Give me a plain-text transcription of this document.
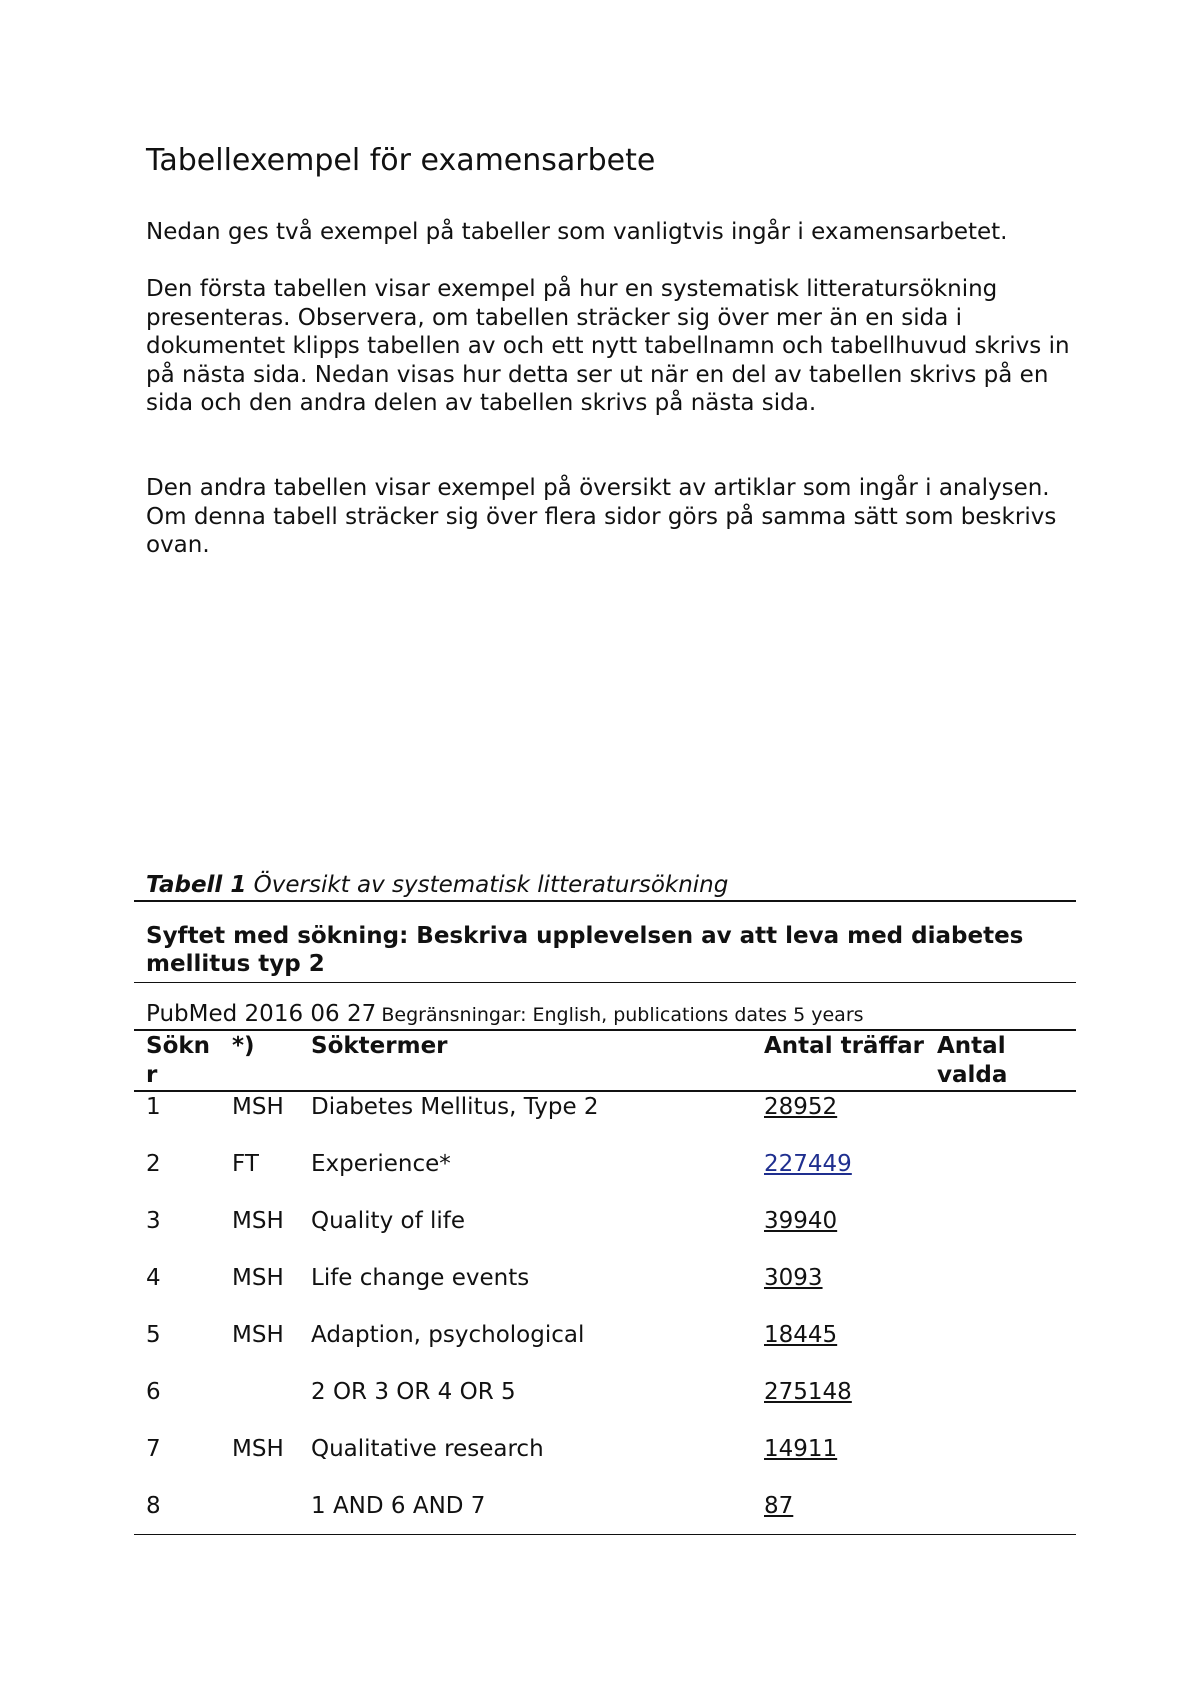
Tabellexempel för examensarbete

Nedan ges två exempel på tabeller som vanligtvis ingår i examensarbetet.

Den första tabellen visar exempel på hur en systematisk litteratursökning presenteras. Observera, om tabellen sträcker sig över mer än en sida i dokumentet klipps tabellen av och ett nytt tabellnamn och tabellhuvud skrivs in på nästa sida. Nedan visas hur detta ser ut när en del av tabellen skrivs på en sida och den andra delen av tabellen skrivs på nästa sida.

Den andra tabellen visar exempel på översikt av artiklar som ingår i analysen. Om denna tabell sträcker sig över flera sidor görs på samma sätt som beskrivs ovan.

Tabell 1 Översikt av systematisk litteratursökning
Syftet med sökning: Beskriva upplevelsen av att leva med diabetes mellitus typ 2
PubMed 2016 06 27 Begränsningar: English, publications dates 5 years
Sökn r	*)	Söktermer	Antal träffar	Antal valda
1	MSH	Diabetes Mellitus, Type 2	28952	
2	FT	Experience*	227449	
3	MSH	Quality of life	39940	
4	MSH	Life change events	3093	
5	MSH	Adaption, psychological	18445	
6		2 OR 3 OR 4 OR 5	275148	
7	MSH	Qualitative research	14911	
8		1 AND 6 AND 7	87	
